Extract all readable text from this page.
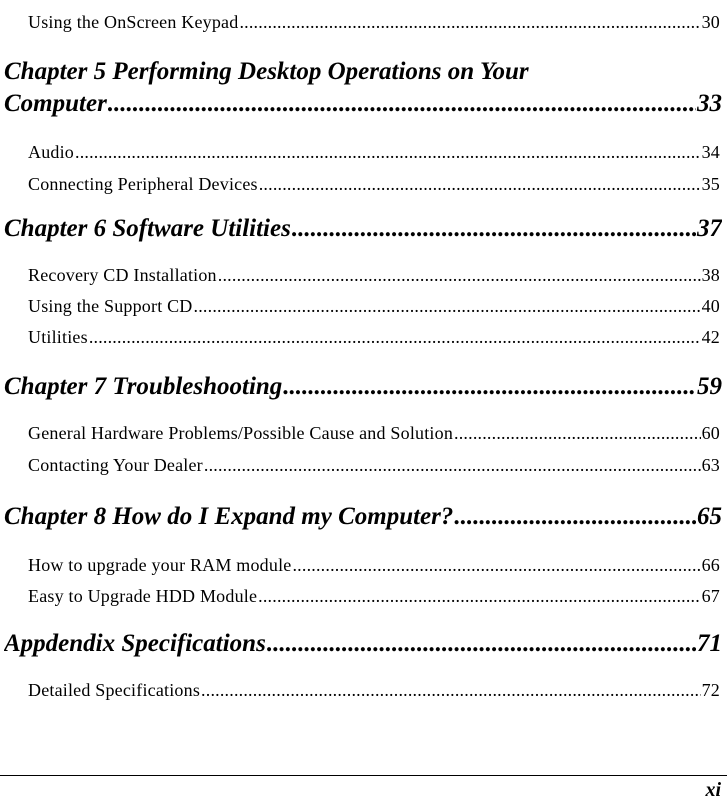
Using the OnScreen Keypad .....	30
Chapter 5 Performing Desktop Operations on Your
Computer .....	33
Audio .....	34
Connecting Peripheral Devices .....	35
Chapter 6 Software Utilities .....	37
Recovery CD Installation .....	38
Using the Support CD .....	40
Utilities .....	42
Chapter 7 Troubleshooting .....	59
General Hardware Problems/Possible Cause and Solution .....	60
Contacting Your Dealer .....	63
Chapter 8 How do I Expand my Computer? .....	65
How to upgrade your RAM module .....	66
Easy to Upgrade HDD Module .....	67
Appdendix Specifications .....	71
Detailed Specifications .....	72
xi
